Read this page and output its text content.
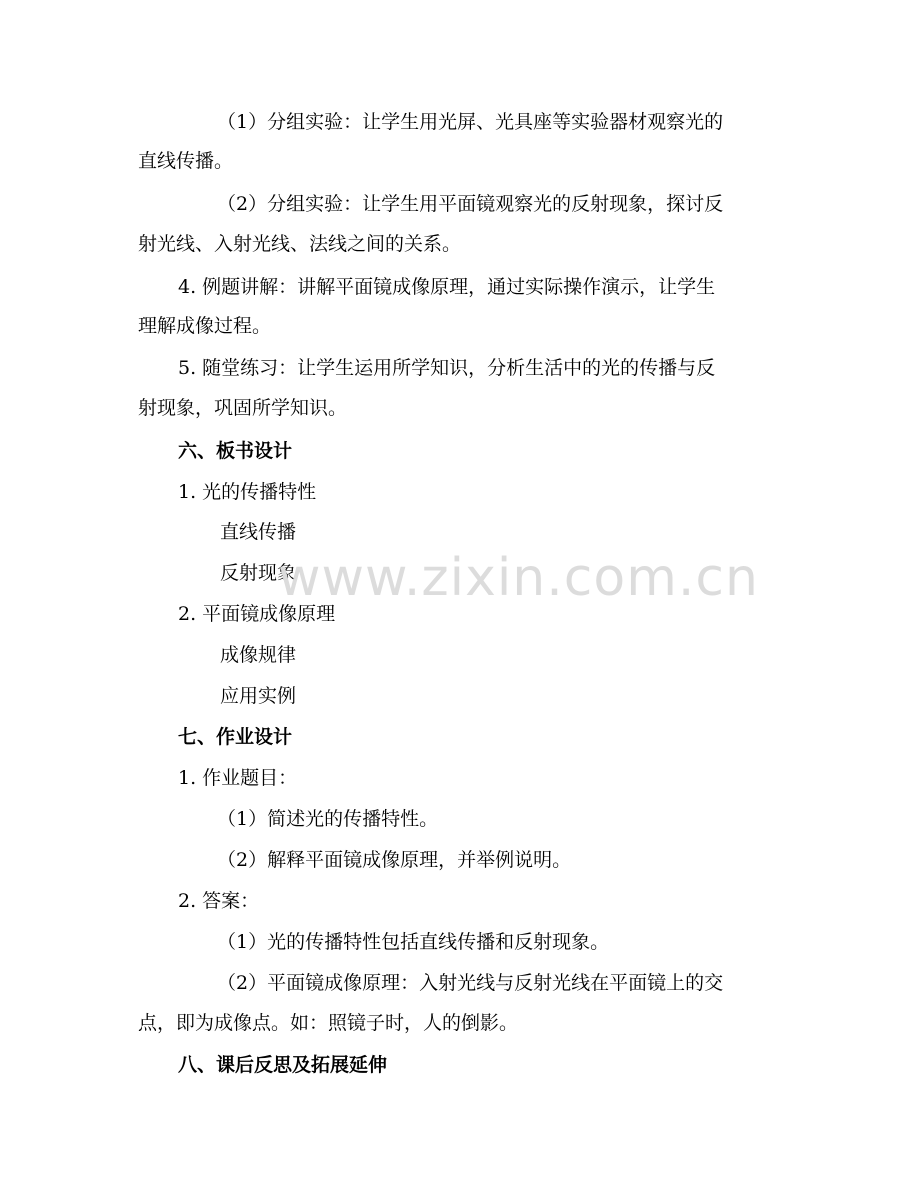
（1）分组实验：让学生用光屏、光具座等实验器材观察光的
直线传播。
（2）分组实验：让学生用平面镜观察光的反射现象，探讨反
射光线、入射光线、法线之间的关系。
4. 例题讲解：讲解平面镜成像原理，通过实际操作演示，让学生
理解成像过程。
5. 随堂练习：让学生运用所学知识，分析生活中的光的传播与反
射现象，巩固所学知识。
六、板书设计
1. 光的传播特性
直线传播
反射现象
2. 平面镜成像原理
成像规律
应用实例
七、作业设计
1. 作业题目：
（1）简述光的传播特性。
（2）解释平面镜成像原理，并举例说明。
2. 答案：
（1）光的传播特性包括直线传播和反射现象。
（2）平面镜成像原理：入射光线与反射光线在平面镜上的交
点，即为成像点。如：照镜子时，人的倒影。
八、课后反思及拓展延伸
www.zixin.com.cn
